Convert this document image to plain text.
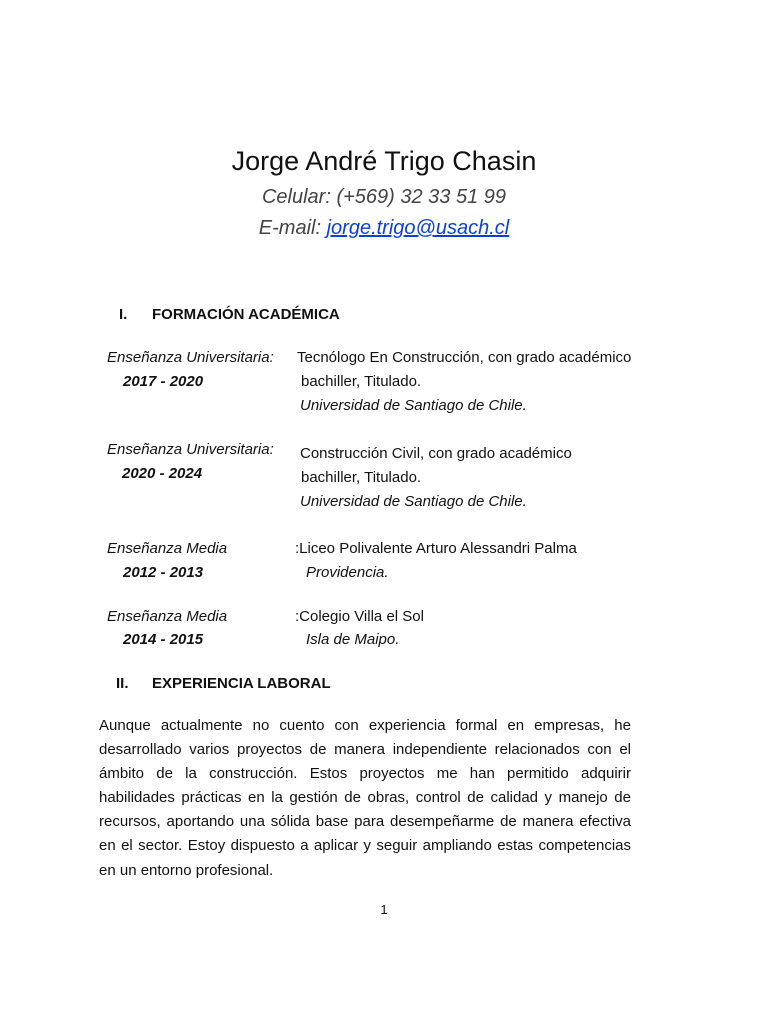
Jorge André Trigo Chasin
Celular: (+569) 32 33 51 99
E-mail: jorge.trigo@usach.cl
I. FORMACIÓN ACADÉMICA
Enseñanza Universitaria:
2017 - 2020
Tecnólogo En Construcción, con grado académico
bachiller, Titulado.
Universidad de Santiago de Chile.
Enseñanza Universitaria:
2020 - 2024
Construcción Civil, con grado académico
bachiller, Titulado.
Universidad de Santiago de Chile.
Enseñanza Media
2012 - 2013
:Liceo Polivalente Arturo Alessandri Palma
Providencia.
Enseñanza Media
2014 - 2015
:Colegio Villa el Sol
Isla de Maipo.
II. EXPERIENCIA LABORAL
Aunque actualmente no cuento con experiencia formal en empresas, he desarrollado varios proyectos de manera independiente relacionados con el ámbito de la construcción. Estos proyectos me han permitido adquirir habilidades prácticas en la gestión de obras, control de calidad y manejo de recursos, aportando una sólida base para desempeñarme de manera efectiva en el sector. Estoy dispuesto a aplicar y seguir ampliando estas competencias en un entorno profesional.
1
